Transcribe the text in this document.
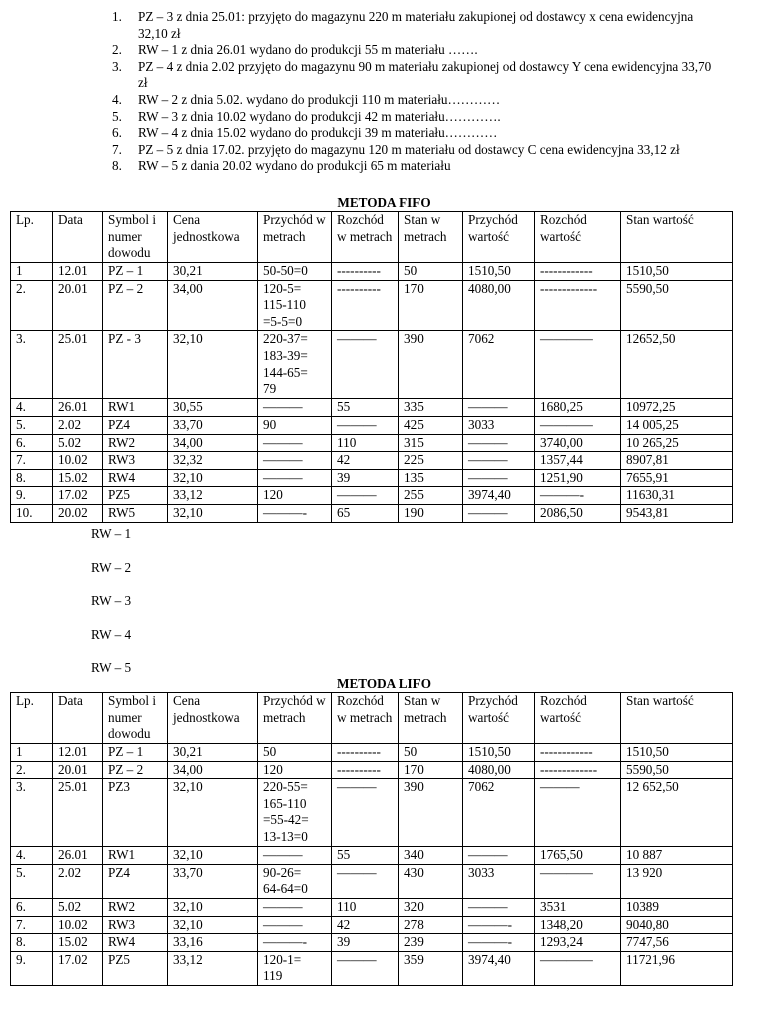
1. PZ – 3 z dnia 25.01: przyjęto do magazynu 220 m materiału zakupionej od dostawcy x cena ewidencyjna 32,10 zł
2. RW – 1 z dnia 26.01 wydano do produkcji 55 m materiału …….
3. PZ – 4 z dnia 2.02 przyjęto do magazynu 90 m materiału zakupionej od dostawcy Y cena ewidencyjna 33,70 zł
4. RW – 2 z dnia 5.02. wydano do produkcji 110 m materiału…………
5. RW – 3 z dnia 10.02 wydano do produkcji 42 m materiału………….
6. RW – 4 z dnia 15.02 wydano do produkcji 39 m materiału…………
7. PZ – 5 z dnia 17.02. przyjęto do magazynu 120 m materiału od dostawcy C cena ewidencyjna 33,12 zł
8. RW – 5 z dania 20.02 wydano do produkcji 65 m materiału
METODA FIFO
Lp.	Data	Symbol i numer dowodu	Cena jednostkowa	Przychód w metrach	Rozchód w metrach	Stan w metrach	Przychód wartość	Rozchód wartość	Stan wartość
1	12.01	PZ – 1	30,21	50-50=0	----------	50	1510,50	------------	1510,50
2.	20.01	PZ – 2	34,00	120-5=
115-110
=5-5=0	----------	170	4080,00	-------------	5590,50
3.	25.01	PZ - 3	32,10	220-37=
183-39=
144-65=
79	———	390	7062	————	12652,50
4.	26.01	RW1	30,55	———	55	335	———	1680,25	10972,25
5.	2.02	PZ4	33,70	90	———	425	3033	————	14 005,25
6.	5.02	RW2	34,00	———	110	315	———	3740,00	10 265,25
7.	10.02	RW3	32,32	———	42	225	———	1357,44	8907,81
8.	15.02	RW4	32,10	———	39	135	———	1251,90	7655,91
9.	17.02	PZ5	33,12	120	———	255	3974,40	———-	11630,31
10.	20.02	RW5	32,10	———-	65	190	———	2086,50	9543,81
RW – 1
RW – 2
RW – 3
RW – 4
RW – 5
METODA LIFO
Lp.	Data	Symbol i numer dowodu	Cena jednostkowa	Przychód w metrach	Rozchód w metrach	Stan w metrach	Przychód wartość	Rozchód wartość	Stan wartość
1	12.01	PZ – 1	30,21	50	----------	50	1510,50	------------	1510,50
2.	20.01	PZ – 2	34,00	120	----------	170	4080,00	-------------	5590,50
3.	25.01	PZ3	32,10	220-55=
165-110
=55-42=
13-13=0	———	390	7062	———	12 652,50
4.	26.01	RW1	32,10	———	55	340	———	1765,50	10 887
5.	2.02	PZ4	33,70	90-26=
64-64=0	———	430	3033	————	13 920
6.	5.02	RW2	32,10	———	110	320	———	3531	10389
7.	10.02	RW3	32,10	———	42	278	———-	1348,20	9040,80
8.	15.02	RW4	33,16	———-	39	239	———-	1293,24	7747,56
9.	17.02	PZ5	33,12	120-1=
119	———	359	3974,40	————	11721,96
